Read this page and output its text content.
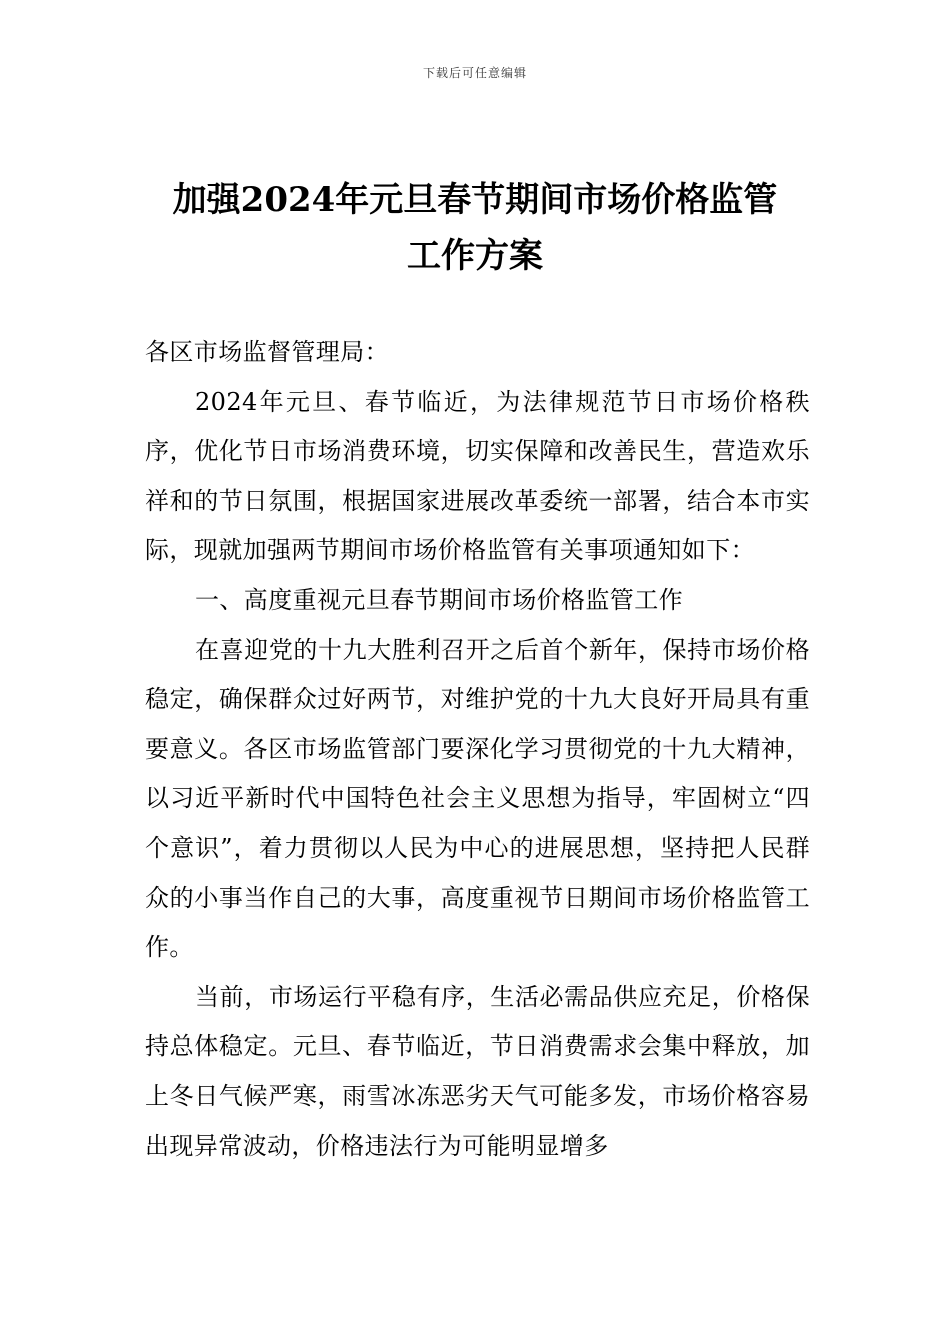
下载后可任意编辑
加强2024年元旦春节期间市场价格监管
工作方案

各区市场监督管理局：

2024年元旦、春节临近，为法律规范节日市场价格秩序，优化节日市场消费环境，切实保障和改善民生，营造欢乐祥和的节日氛围，根据国家进展改革委统一部署，结合本市实际，现就加强两节期间市场价格监管有关事项通知如下：

一、高度重视元旦春节期间市场价格监管工作

在喜迎党的十九大胜利召开之后首个新年，保持市场价格稳定，确保群众过好两节，对维护党的十九大良好开局具有重要意义。各区市场监管部门要深化学习贯彻党的十九大精神，以习近平新时代中国特色社会主义思想为指导，牢固树立“四个意识”，着力贯彻以人民为中心的进展思想，坚持把人民群众的小事当作自己的大事，高度重视节日期间市场价格监管工作。

当前，市场运行平稳有序，生活必需品供应充足，价格保持总体稳定。元旦、春节临近，节日消费需求会集中释放，加上冬日气候严寒，雨雪冰冻恶劣天气可能多发，市场价格容易出现异常波动，价格违法行为可能明显增多
